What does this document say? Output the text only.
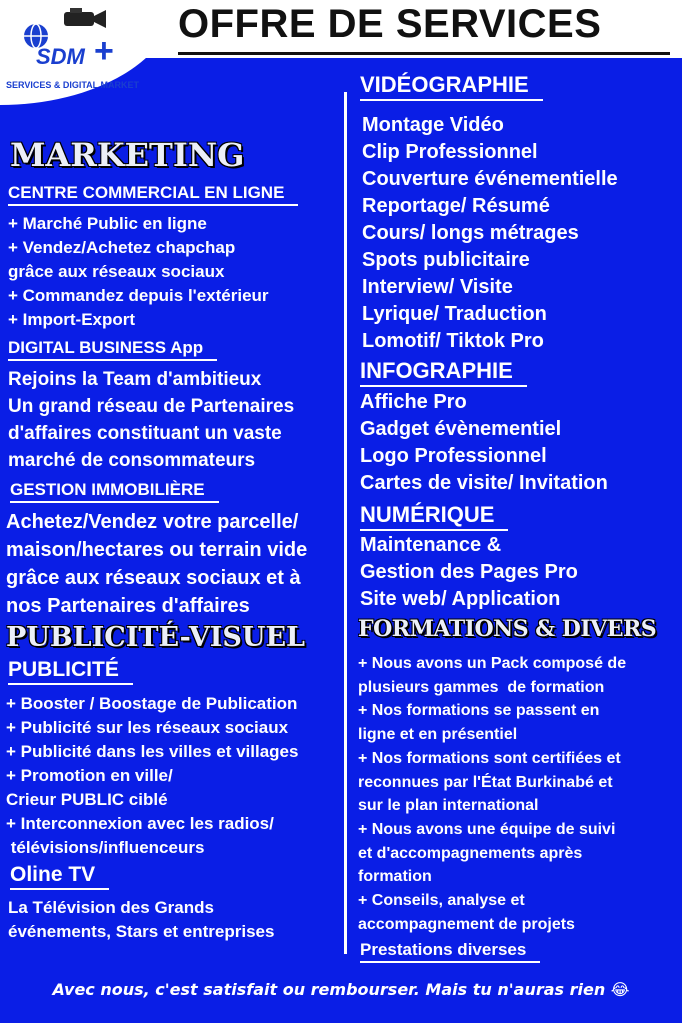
SDM +
SERVICES & DIGITAL MARKET
OFFRE DE SERVICES
MARKETING
CENTRE COMMERCIAL EN LIGNE
+ Marché Public en ligne
+ Vendez/Achetez chapchap
grâce aux réseaux sociaux
+ Commandez depuis l'extérieur
+ Import-Export
DIGITAL BUSINESS App
Rejoins la Team d'ambitieux
Un grand réseau de Partenaires
d'affaires constituant un vaste
marché de consommateurs
GESTION IMMOBILIÈRE
Achetez/Vendez votre parcelle/
maison/hectares ou terrain vide
grâce aux réseaux sociaux et à
nos Partenaires d'affaires
PUBLICITÉ-VISUEL
PUBLICITÉ
+ Booster / Boostage de Publication
+ Publicité sur les réseaux sociaux
+ Publicité dans les villes et villages
+ Promotion en ville/
Crieur PUBLIC ciblé
+ Interconnexion avec les radios/
télévisions/influenceurs
Oline TV
La Télévision des Grands
événements, Stars et entreprises
VIDÉOGRAPHIE
Montage Vidéo
Clip Professionnel
Couverture événementielle
Reportage/ Résumé
Cours/ longs métrages
Spots publicitaire
Interview/ Visite
Lyrique/ Traduction
Lomotif/ Tiktok Pro
INFOGRAPHIE
Affiche Pro
Gadget évènementiel
Logo Professionnel
Cartes de visite/ Invitation
NUMÉRIQUE
Maintenance &
Gestion des Pages Pro
Site web/ Application
FORMATIONS & DIVERS
+ Nous avons un Pack composé de
plusieurs gammes  de formation
+ Nos formations se passent en
ligne et en présentiel
+ Nos formations sont certifiées et
reconnues par l'État Burkinabé et
sur le plan international
+ Nous avons une équipe de suivi
et d'accompagnements après
formation
+ Conseils, analyse et
accompagnement de projets
Prestations diverses
Avec nous, c'est satisfait ou rembourser. Mais tu n'auras rien 😂
